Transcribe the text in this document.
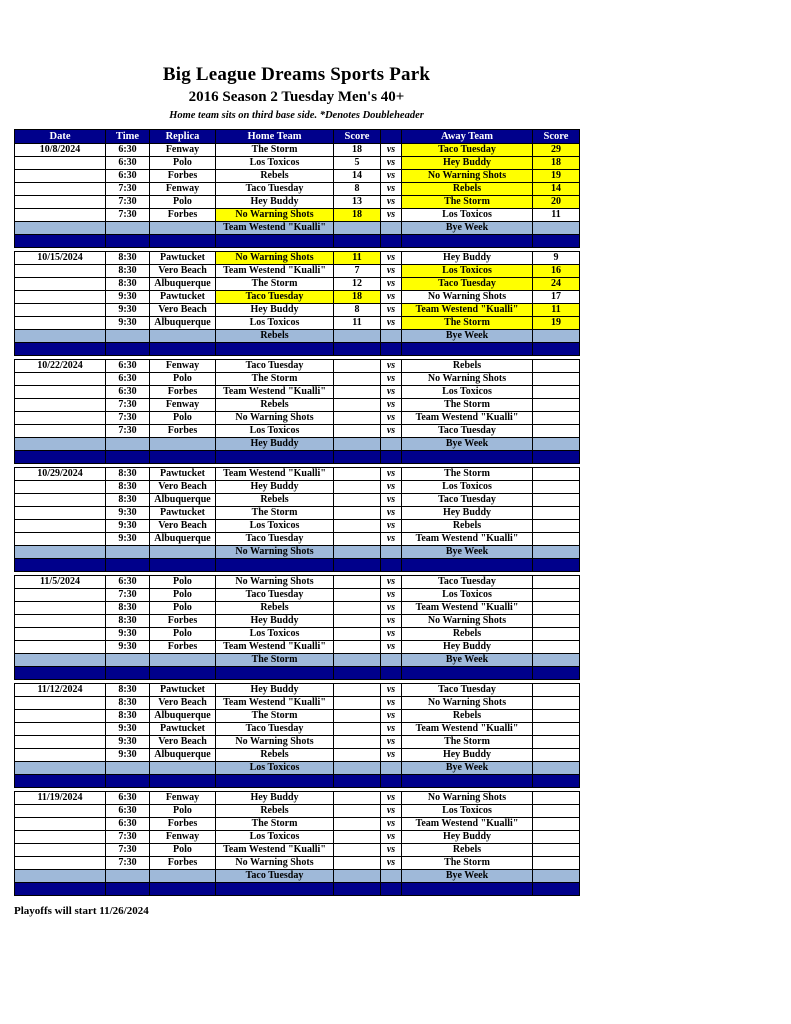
Big League Dreams Sports Park
2016 Season 2 Tuesday Men's 40+
Home team sits on third base side. *Denotes Doubleheader
Date	Time	Replica	Home Team	Score		Away Team	Score
10/8/2024	6:30	Fenway	The Storm	18	vs	Taco Tuesday	29
	6:30	Polo	Los Toxicos	5	vs	Hey Buddy	18
	6:30	Forbes	Rebels	14	vs	No Warning Shots	19
	7:30	Fenway	Taco Tuesday	8	vs	Rebels	14
	7:30	Polo	Hey Buddy	13	vs	The Storm	20
	7:30	Forbes	No Warning Shots	18	vs	Los Toxicos	11
			Team Westend "Kualli"			Bye Week	

10/15/2024	8:30	Pawtucket	No Warning Shots	11	vs	Hey Buddy	9
	8:30	Vero Beach	Team Westend "Kualli"	7	vs	Los Toxicos	16
	8:30	Albuquerque	The Storm	12	vs	Taco Tuesday	24
	9:30	Pawtucket	Taco Tuesday	18	vs	No Warning Shots	17
	9:30	Vero Beach	Hey Buddy	8	vs	Team Westend "Kualli"	11
	9:30	Albuquerque	Los Toxicos	11	vs	The Storm	19
			Rebels			Bye Week	

10/22/2024	6:30	Fenway	Taco Tuesday		vs	Rebels	
	6:30	Polo	The Storm		vs	No Warning Shots	
	6:30	Forbes	Team Westend "Kualli"		vs	Los Toxicos	
	7:30	Fenway	Rebels		vs	The Storm	
	7:30	Polo	No Warning Shots		vs	Team Westend "Kualli"	
	7:30	Forbes	Los Toxicos		vs	Taco Tuesday	
			Hey Buddy			Bye Week	

10/29/2024	8:30	Pawtucket	Team Westend "Kualli"		vs	The Storm	
	8:30	Vero Beach	Hey Buddy		vs	Los Toxicos	
	8:30	Albuquerque	Rebels		vs	Taco Tuesday	
	9:30	Pawtucket	The Storm		vs	Hey Buddy	
	9:30	Vero Beach	Los Toxicos		vs	Rebels	
	9:30	Albuquerque	Taco Tuesday		vs	Team Westend "Kualli"	
			No Warning Shots			Bye Week	

11/5/2024	6:30	Polo	No Warning Shots		vs	Taco Tuesday	
	7:30	Polo	Taco Tuesday		vs	Los Toxicos	
	8:30	Polo	Rebels		vs	Team Westend "Kualli"	
	8:30	Forbes	Hey Buddy		vs	No Warning Shots	
	9:30	Polo	Los Toxicos		vs	Rebels	
	9:30	Forbes	Team Westend "Kualli"		vs	Hey Buddy	
			The Storm			Bye Week	

11/12/2024	8:30	Pawtucket	Hey Buddy		vs	Taco Tuesday	
	8:30	Vero Beach	Team Westend "Kualli"		vs	No Warning Shots	
	8:30	Albuquerque	The Storm		vs	Rebels	
	9:30	Pawtucket	Taco Tuesday		vs	Team Westend "Kualli"	
	9:30	Vero Beach	No Warning Shots		vs	The Storm	
	9:30	Albuquerque	Rebels		vs	Hey Buddy	
			Los Toxicos			Bye Week	

11/19/2024	6:30	Fenway	Hey Buddy		vs	No Warning Shots	
	6:30	Polo	Rebels		vs	Los Toxicos	
	6:30	Forbes	The Storm		vs	Team Westend "Kualli"	
	7:30	Fenway	Los Toxicos		vs	Hey Buddy	
	7:30	Polo	Team Westend "Kualli"		vs	Rebels	
	7:30	Forbes	No Warning Shots		vs	The Storm	
			Taco Tuesday			Bye Week	

Playoffs will start 11/26/2024
